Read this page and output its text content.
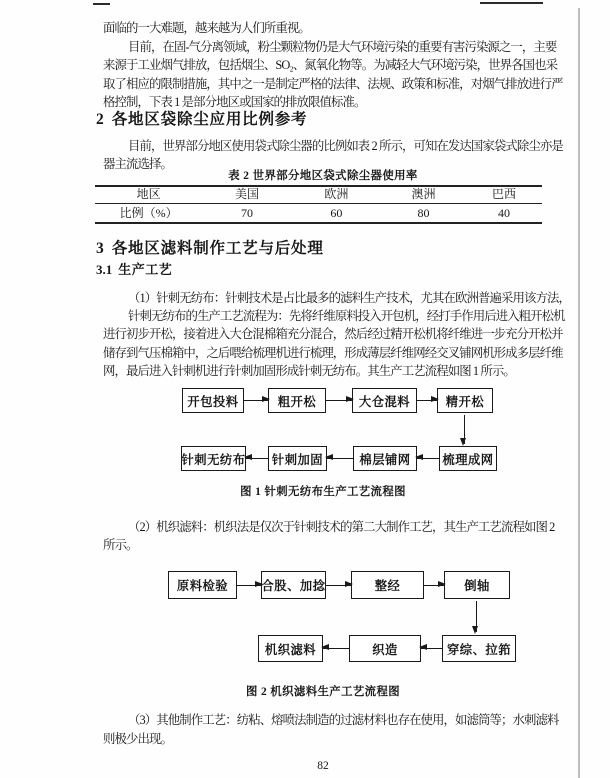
面临的一大难题，越来越为人们所重视。
目前，在固-气分离领域，粉尘颗粒物仍是大气环境污染的重要有害污染源之一，主要
来源于工业烟气排放，包括烟尘、SO₂、氮氧化物等。为减轻大气环境污染，世界各国也采
取了相应的限制措施，其中之一是制定严格的法律、法规、政策和标准，对烟气排放进行严
格控制，下表 1 是部分地区或国家的排放限值标准。
2 各地区袋除尘应用比例参考
目前，世界部分地区使用袋式除尘器的比例如表 2 所示，可知在发达国家袋式除尘亦是
器主流选择。
表 2 世界部分地区袋式除尘器使用率
地区	美国	欧洲	澳洲	巴西
比例（%）	70	60	80	40
3 各地区滤料制作工艺与后处理
3.1 生产工艺
（1）针刺无纺布：针刺技术是占比最多的滤料生产技术，尤其在欧洲普遍采用该方法，
针刺无纺布的生产工艺流程为：先将纤维原料投入开包机，经打手作用后进入粗开松机
进行初步开松，接着进入大仓混棉箱充分混合，然后经过精开松机将纤维进一步充分开松并
储存到气压棉箱中，之后喂给梳理机进行梳理，形成薄层纤维网经交叉铺网机形成多层纤维
网，最后进入针刺机进行针刺加固形成针刺无纺布。其生产工艺流程如图 1 所示。
开包投料	粗开松	大仓混料	精开松
针刺无纺布	针刺加固	棉层铺网	梳理成网
图 1 针刺无纺布生产工艺流程图
（2）机织滤料：机织法是仅次于针刺技术的第二大制作工艺，其生产工艺流程如图 2
所示。
原料检验	合股、加捻	整经	倒轴
机织滤料	织造	穿综、拉筘
图 2 机织滤料生产工艺流程图
（3）其他制作工艺：纺粘、熔喷法制造的过滤材料也存在使用，如滤筒等；水刺滤料
则极少出现。
82
